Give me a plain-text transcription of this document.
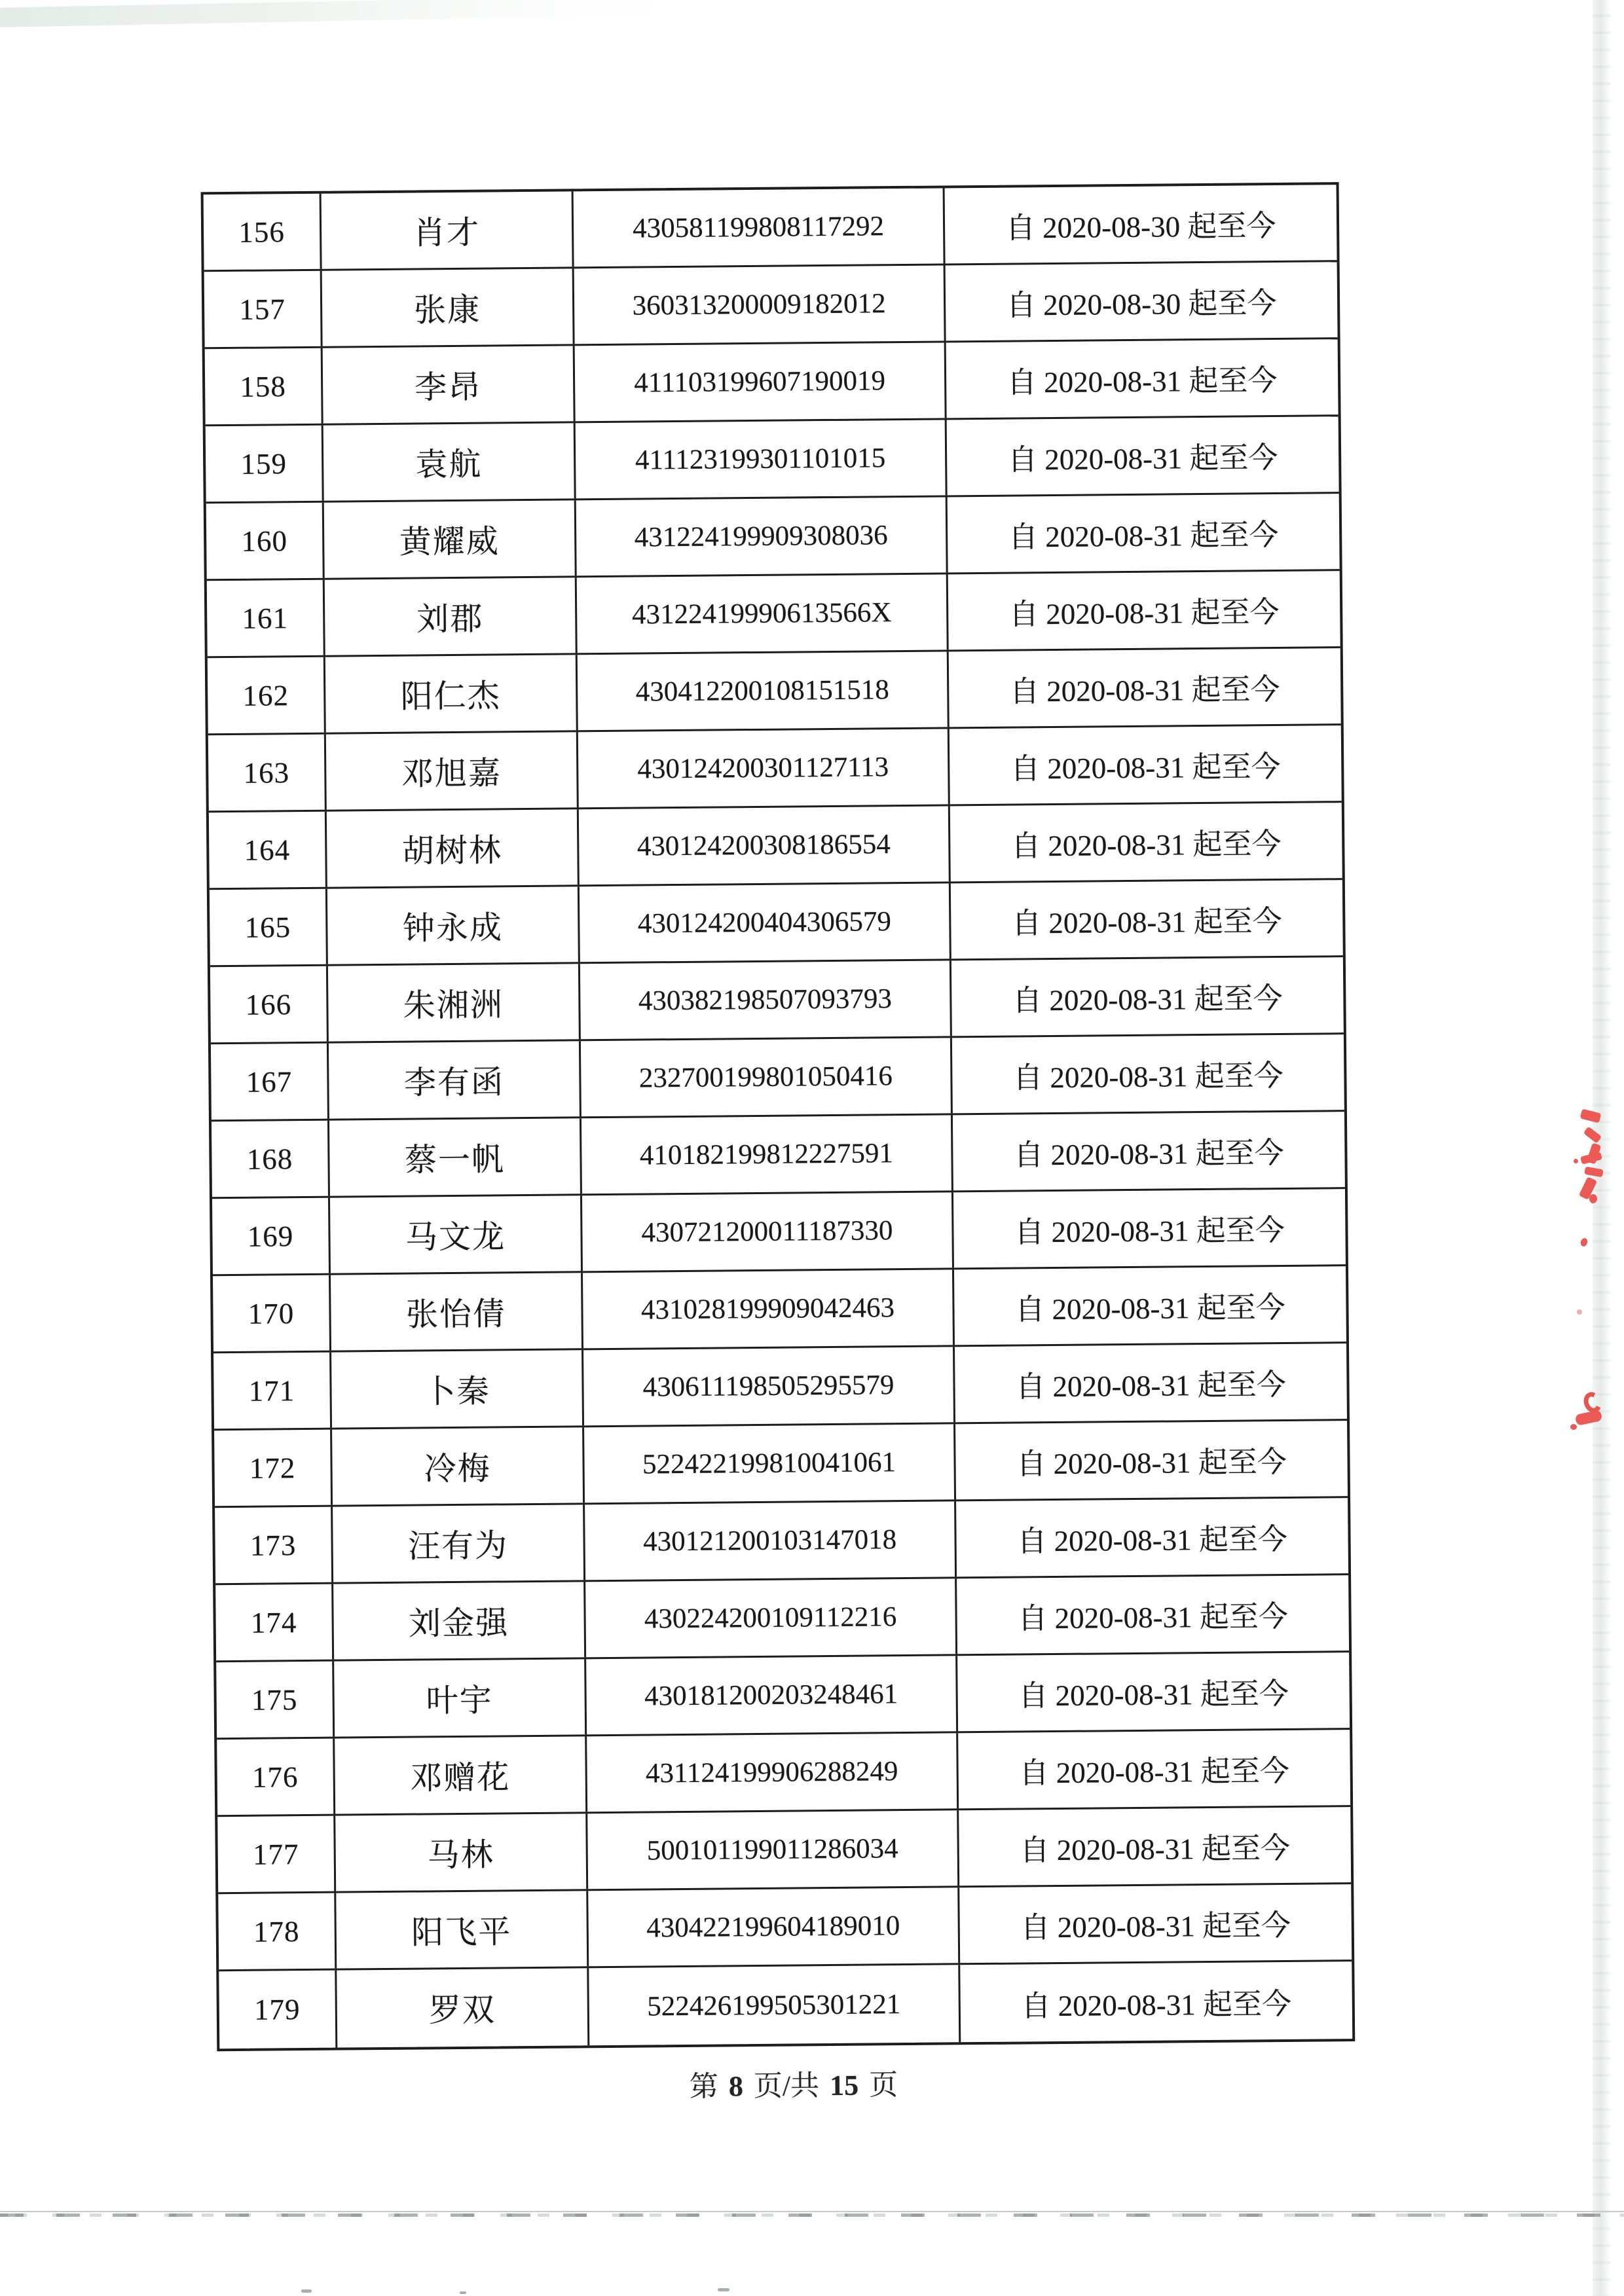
156	肖才	430581199808117292	自 2020-08-30 起至今
157	张康	360313200009182012	自 2020-08-30 起至今
158	李昂	411103199607190019	自 2020-08-31 起至今
159	袁航	411123199301101015	自 2020-08-31 起至今
160	黄耀威	431224199909308036	自 2020-08-31 起至今
161	刘郡	43122419990613566X	自 2020-08-31 起至今
162	阳仁杰	430412200108151518	自 2020-08-31 起至今
163	邓旭嘉	430124200301127113	自 2020-08-31 起至今
164	胡树林	430124200308186554	自 2020-08-31 起至今
165	钟永成	430124200404306579	自 2020-08-31 起至今
166	朱湘洲	430382198507093793	自 2020-08-31 起至今
167	李有函	232700199801050416	自 2020-08-31 起至今
168	蔡一帆	410182199812227591	自 2020-08-31 起至今
169	马文龙	430721200011187330	自 2020-08-31 起至今
170	张怡倩	431028199909042463	自 2020-08-31 起至今
171	卜秦	430611198505295579	自 2020-08-31 起至今
172	冷梅	522422199810041061	自 2020-08-31 起至今
173	汪有为	430121200103147018	自 2020-08-31 起至今
174	刘金强	430224200109112216	自 2020-08-31 起至今
175	叶宇	430181200203248461	自 2020-08-31 起至今
176	邓赠花	431124199906288249	自 2020-08-31 起至今
177	马林	500101199011286034	自 2020-08-31 起至今
178	阳飞平	430422199604189010	自 2020-08-31 起至今
179	罗双	522426199505301221	自 2020-08-31 起至今
第 8 页/共 15 页
